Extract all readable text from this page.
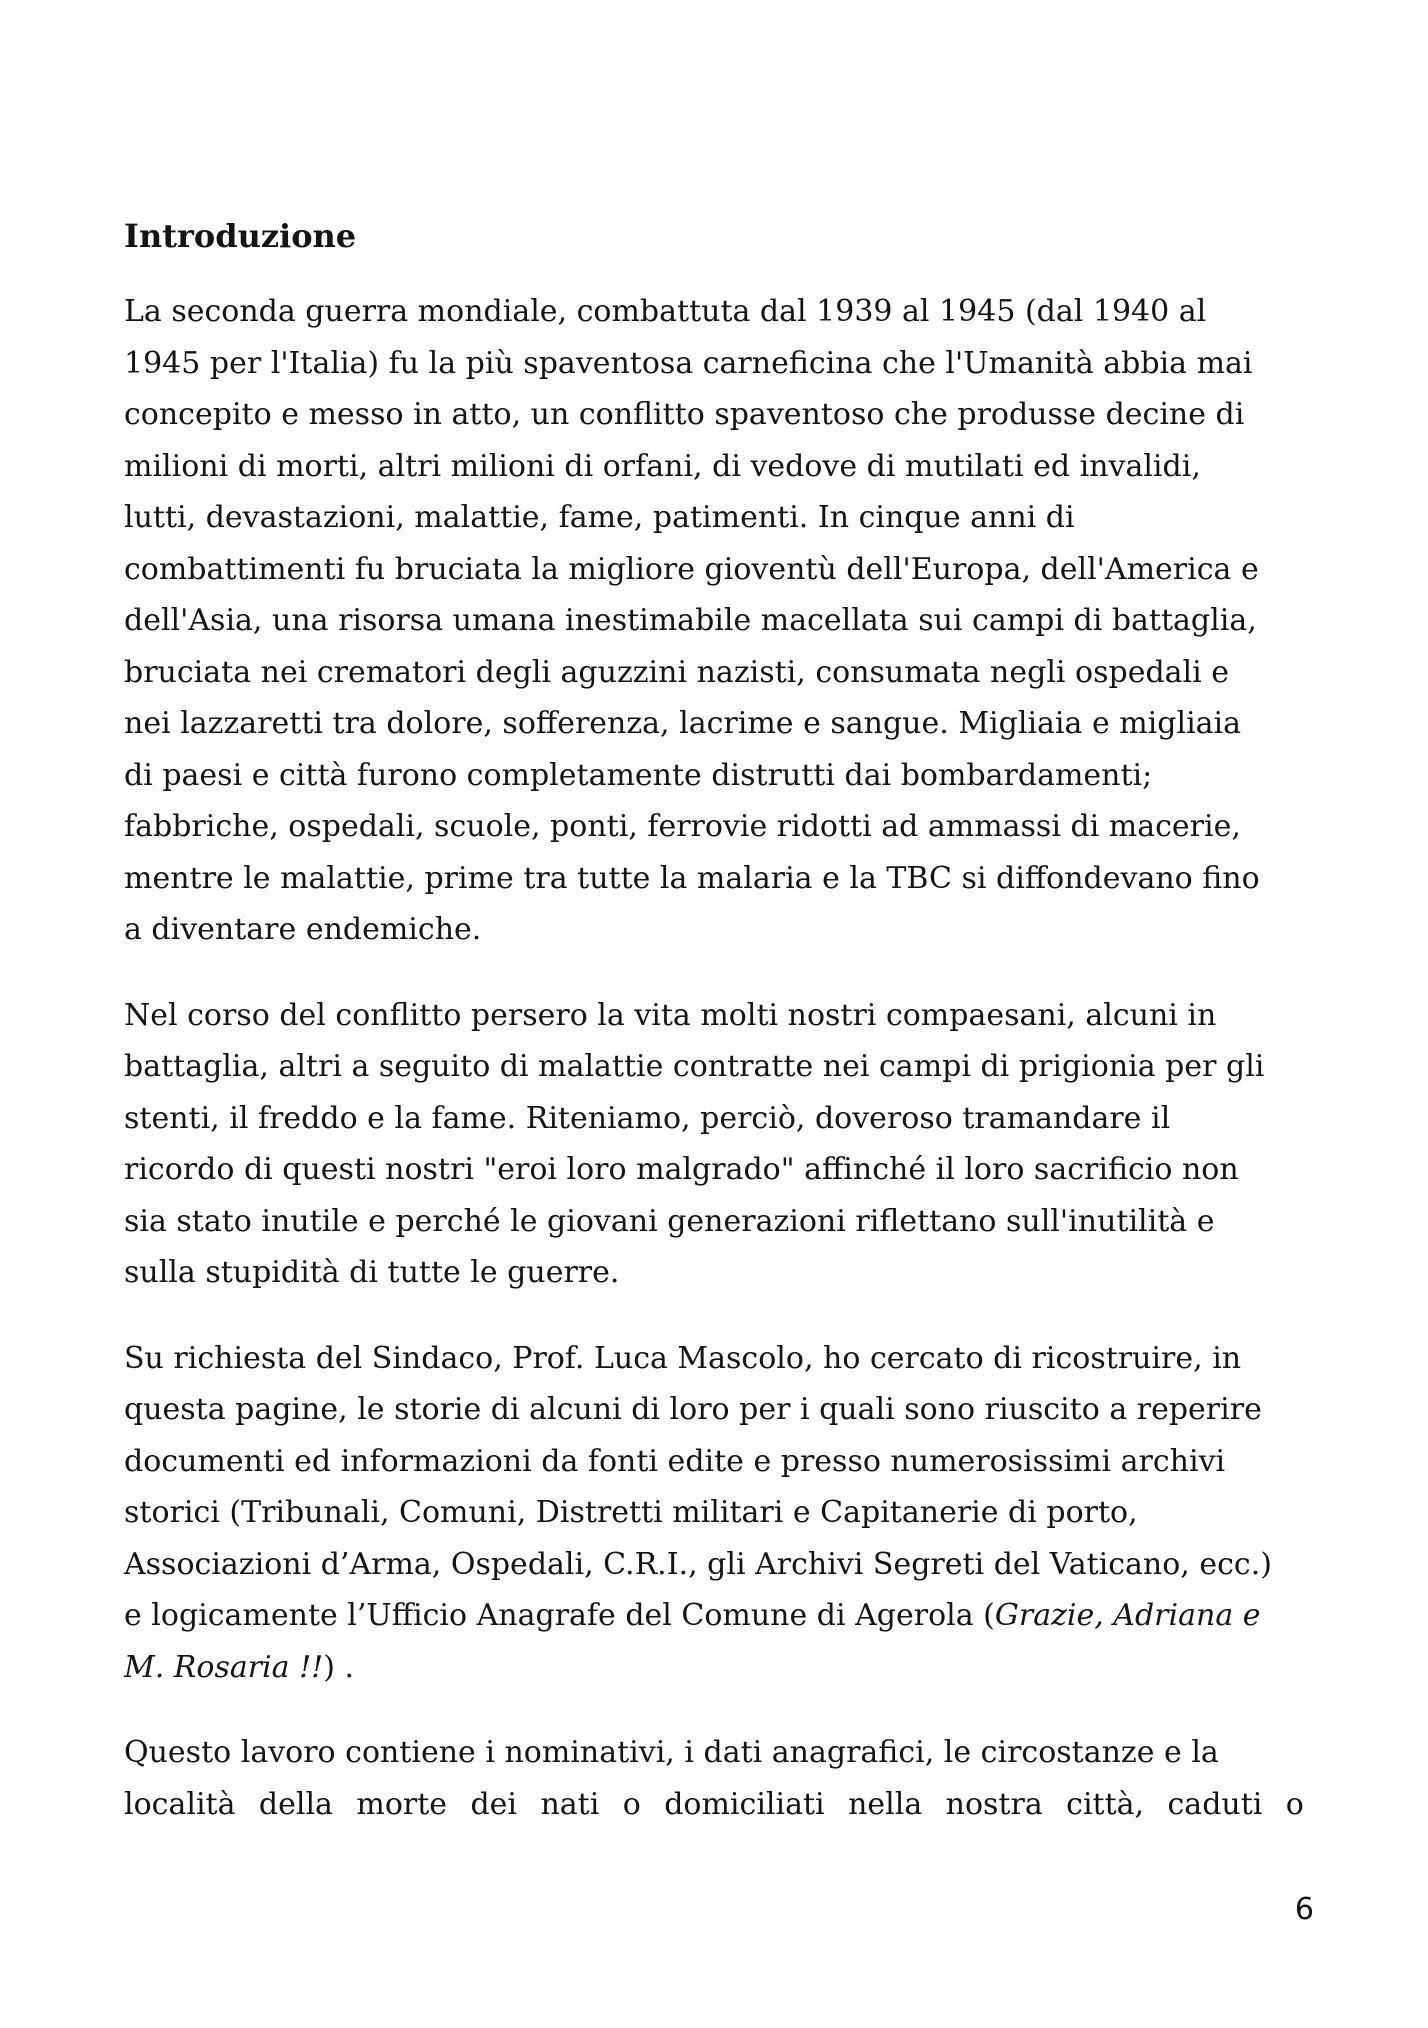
Introduzione
La seconda guerra mondiale, combattuta dal 1939 al 1945 (dal 1940 al
1945 per l'Italia) fu la più spaventosa carneficina che l'Umanità abbia mai
concepito e messo in atto, un conflitto spaventoso che produsse decine di
milioni di morti, altri milioni di orfani, di vedove di mutilati ed invalidi,
lutti, devastazioni, malattie, fame, patimenti. In cinque anni di
combattimenti fu bruciata la migliore gioventù dell'Europa, dell'America e
dell'Asia, una risorsa umana inestimabile macellata sui campi di battaglia,
bruciata nei crematori degli aguzzini nazisti, consumata negli ospedali e
nei lazzaretti tra dolore, sofferenza, lacrime e sangue. Migliaia e migliaia
di paesi e città furono completamente distrutti dai bombardamenti;
fabbriche, ospedali, scuole, ponti, ferrovie ridotti ad ammassi di macerie,
mentre le malattie, prime tra tutte la malaria e la TBC si diffondevano fino
a diventare endemiche.
Nel corso del conflitto persero la vita molti nostri compaesani, alcuni in
battaglia, altri a seguito di malattie contratte nei campi di prigionia per gli
stenti, il freddo e la fame. Riteniamo, perciò, doveroso tramandare il
ricordo di questi nostri "eroi loro malgrado" affinché il loro sacrificio non
sia stato inutile e perché le giovani generazioni riflettano sull'inutilità e
sulla stupidità di tutte le guerre.
Su richiesta del Sindaco, Prof. Luca Mascolo, ho cercato di ricostruire, in
questa pagine, le storie di alcuni di loro per i quali sono riuscito a reperire
documenti ed informazioni da fonti edite e presso numerosissimi archivi
storici (Tribunali, Comuni, Distretti militari e Capitanerie di porto,
Associazioni d’Arma, Ospedali, C.R.I., gli Archivi Segreti del Vaticano, ecc.)
e logicamente l’Ufficio Anagrafe del Comune di Agerola (Grazie, Adriana e
M. Rosaria !!) .
Questo lavoro contiene i nominativi, i dati anagrafici, le circostanze e la
località della morte dei nati o domiciliati nella nostra città, caduti o
6
